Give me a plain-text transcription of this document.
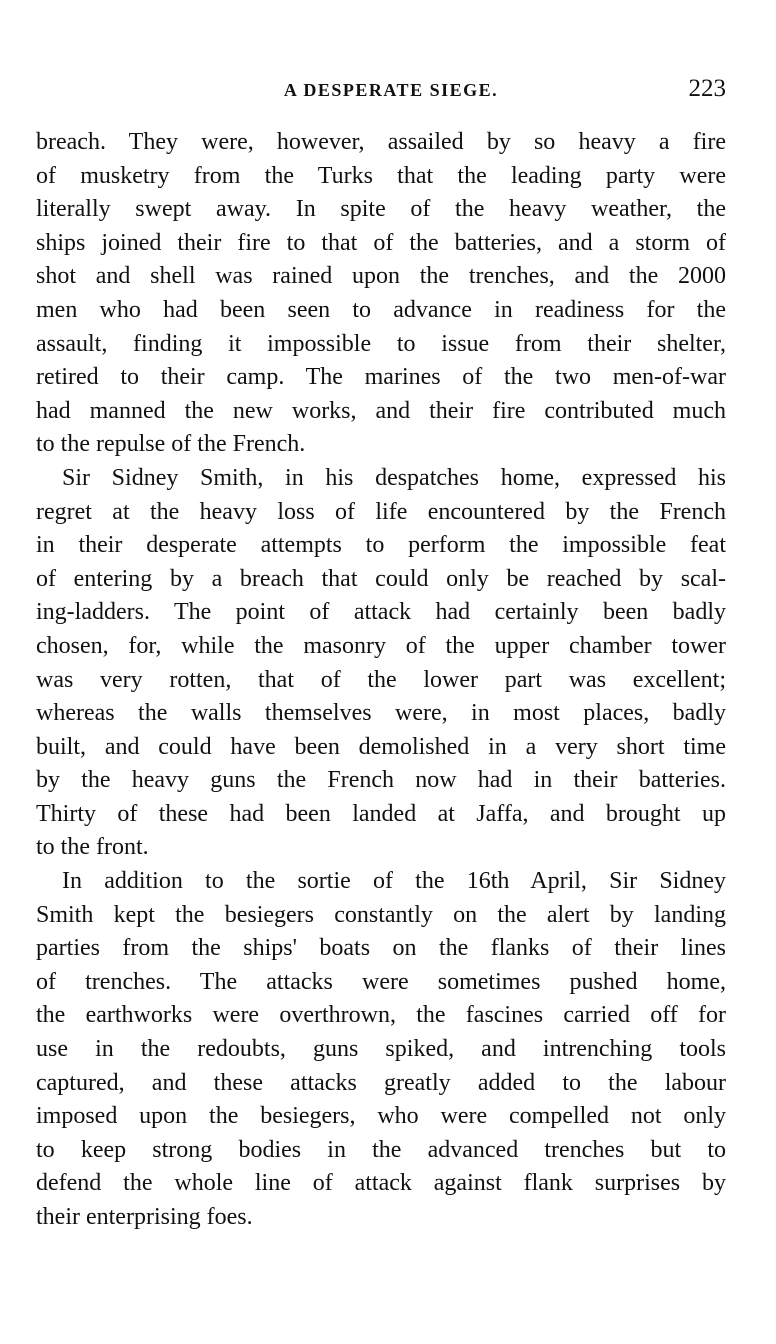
A DESPERATE SIEGE.	223
breach. They were, however, assailed by so heavy a fire
of musketry from the Turks that the leading party were
literally swept away. In spite of the heavy weather, the
ships joined their fire to that of the batteries, and a storm of
shot and shell was rained upon the trenches, and the 2000
men who had been seen to advance in readiness for the
assault, finding it impossible to issue from their shelter,
retired to their camp. The marines of the two men-of-war
had manned the new works, and their fire contributed much
to the repulse of the French.
Sir Sidney Smith, in his despatches home, expressed his
regret at the heavy loss of life encountered by the French
in their desperate attempts to perform the impossible feat
of entering by a breach that could only be reached by scal-
ing-ladders. The point of attack had certainly been badly
chosen, for, while the masonry of the upper chamber tower
was very rotten, that of the lower part was excellent;
whereas the walls themselves were, in most places, badly
built, and could have been demolished in a very short time
by the heavy guns the French now had in their batteries.
Thirty of these had been landed at Jaffa, and brought up
to the front.
In addition to the sortie of the 16th April, Sir Sidney
Smith kept the besiegers constantly on the alert by landing
parties from the ships' boats on the flanks of their lines
of trenches. The attacks were sometimes pushed home,
the earthworks were overthrown, the fascines carried off for
use in the redoubts, guns spiked, and intrenching tools
captured, and these attacks greatly added to the labour
imposed upon the besiegers, who were compelled not only
to keep strong bodies in the advanced trenches but to
defend the whole line of attack against flank surprises by
their enterprising foes.
